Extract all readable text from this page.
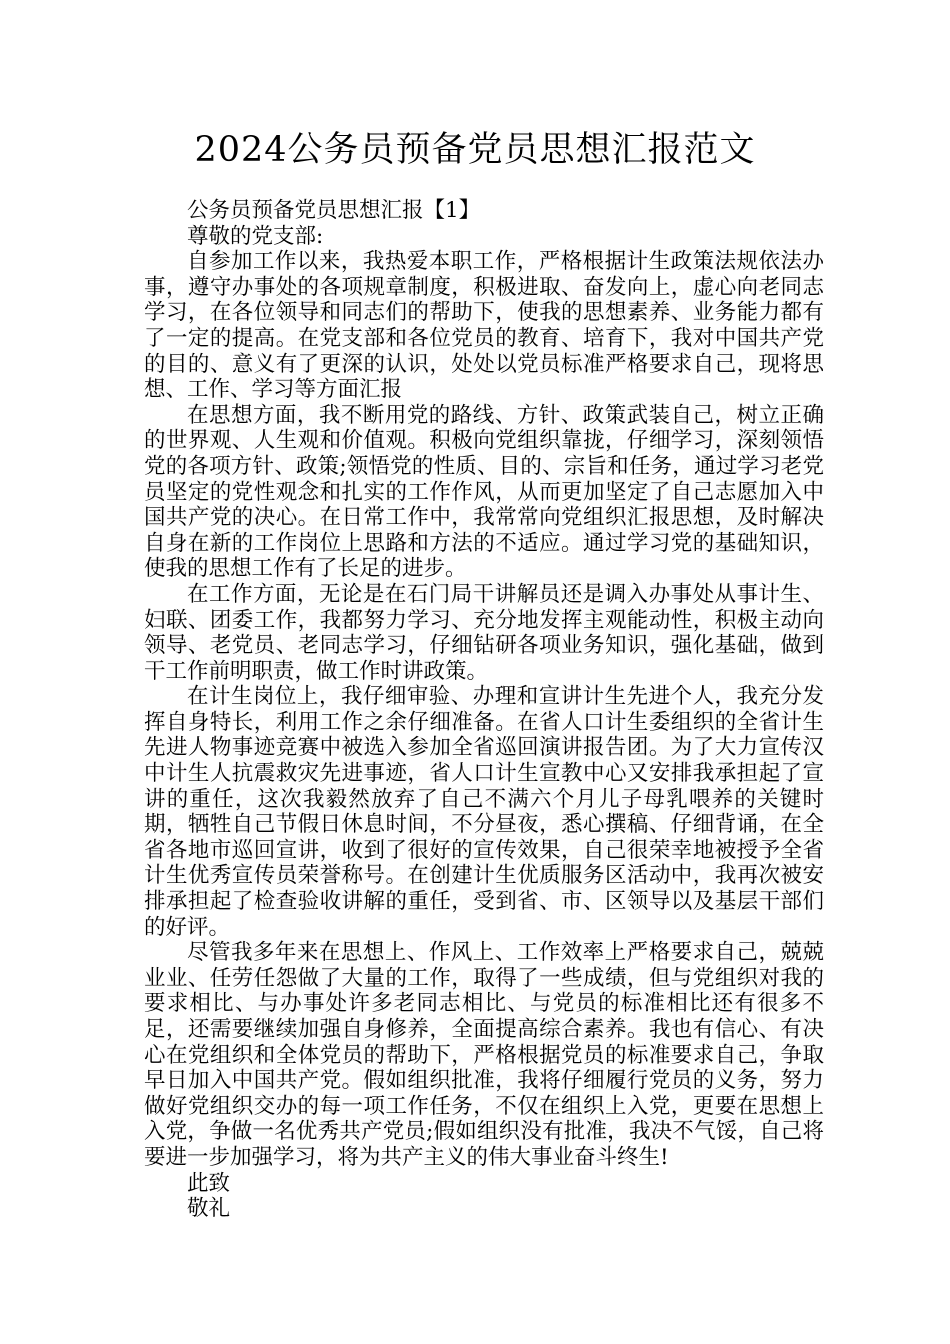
2024公务员预备党员思想汇报范文

公务员预备党员思想汇报【1】

尊敬的党支部:

自参加工作以来，我热爱本职工作，严格根据计生政策法规依法办事，遵守办事处的各项规章制度，积极进取、奋发向上，虚心向老同志学习，在各位领导和同志们的帮助下，使我的思想素养、业务能力都有了一定的提高。在党支部和各位党员的教育、培育下，我对中国共产党的目的、意义有了更深的认识，处处以党员标准严格要求自己，现将思想、工作、学习等方面汇报

在思想方面，我不断用党的路线、方针、政策武装自己，树立正确的世界观、人生观和价值观。积极向党组织靠拢，仔细学习，深刻领悟党的各项方针、政策;领悟党的性质、目的、宗旨和任务，通过学习老党员坚定的党性观念和扎实的工作作风，从而更加坚定了自己志愿加入中国共产党的决心。在日常工作中，我常常向党组织汇报思想，及时解决自身在新的工作岗位上思路和方法的不适应。通过学习党的基础知识，使我的思想工作有了长足的进步。

在工作方面，无论是在石门局干讲解员还是调入办事处从事计生、妇联、团委工作，我都努力学习、充分地发挥主观能动性，积极主动向领导、老党员、老同志学习，仔细钻研各项业务知识，强化基础，做到干工作前明职责，做工作时讲政策。

在计生岗位上，我仔细审验、办理和宣讲计生先进个人，我充分发挥自身特长，利用工作之余仔细准备。在省人口计生委组织的全省计生先进人物事迹竞赛中被选入参加全省巡回演讲报告团。为了大力宣传汉中计生人抗震救灾先进事迹，省人口计生宣教中心又安排我承担起了宣讲的重任，这次我毅然放弃了自己不满六个月儿子母乳喂养的关键时期，牺牲自己节假日休息时间，不分昼夜，悉心撰稿、仔细背诵，在全省各地市巡回宣讲，收到了很好的宣传效果，自己很荣幸地被授予全省计生优秀宣传员荣誉称号。在创建计生优质服务区活动中，我再次被安排承担起了检查验收讲解的重任，受到省、市、区领导以及基层干部们的好评。

尽管我多年来在思想上、作风上、工作效率上严格要求自己，兢兢业业、任劳任怨做了大量的工作，取得了一些成绩，但与党组织对我的要求相比、与办事处许多老同志相比、与党员的标准相比还有很多不足，还需要继续加强自身修养，全面提高综合素养。我也有信心、有决心在党组织和全体党员的帮助下，严格根据党员的标准要求自己，争取早日加入中国共产党。假如组织批准，我将仔细履行党员的义务，努力做好党组织交办的每一项工作任务，不仅在组织上入党，更要在思想上入党，争做一名优秀共产党员;假如组织没有批准，我决不气馁，自己将要进一步加强学习，将为共产主义的伟大事业奋斗终生!

此致

敬礼
